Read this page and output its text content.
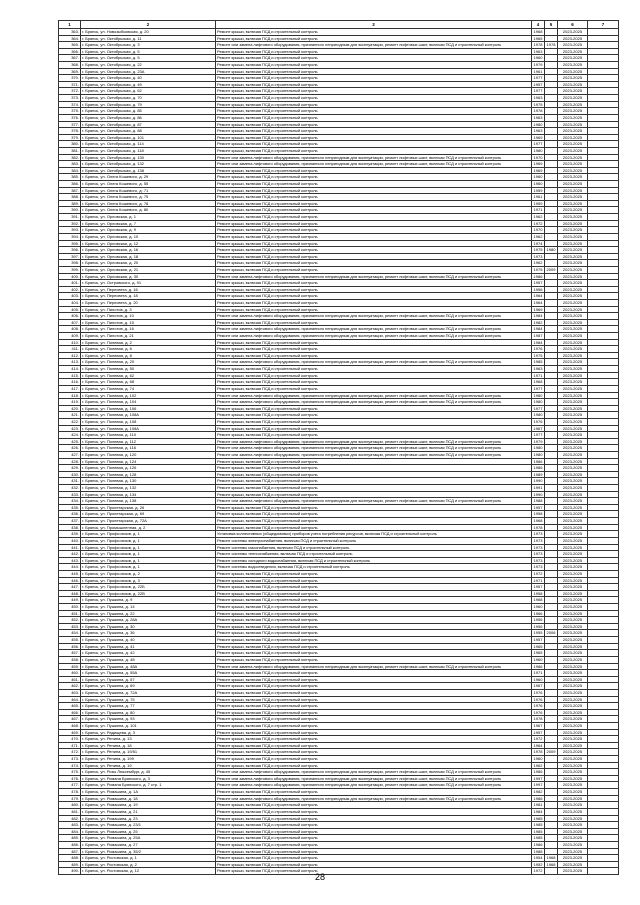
1	2	3	4	5	6	7
363.	г. Брянск, ул. Новозыбковская, д. 20	Ремонт крыши, включая ПСД и строительный контроль	1968		2023-2025	
364.	г. Брянск, ул. Октябрьская, д. 11	Ремонт крыши, включая ПСД и строительный контроль	1965		2023-2025	
365.	г. Брянск, ул. Октябрьская, д. 3	Ремонт или замена лифтового оборудования, признанного непригодным для эксплуатации, ремонт лифтовых шахт, включая ПСД и строительный контроль	1978	1978	2023-2025	
366.	г. Брянск, ул. Октябрьская, д. 5	Ремонт крыши, включая ПСД и строительный контроль	1963		2023-2025	
367.	г. Брянск, ул. Октябрьская, д. 5	Ремонт крыши, включая ПСД и строительный контроль	1960		2023-2025	
368.	г. Брянск, ул. Октябрьская, д. 22	Ремонт крыши, включая ПСД и строительный контроль	1979		2023-2025	
369.	г. Брянск, ул. Октябрьская, д. 23А	Ремонт крыши, включая ПСД и строительный контроль	1961		2023-2025	
370.	г. Брянск, ул. Октябрьская, д. 40	Ремонт крыши, включая ПСД и строительный контроль	1977		2023-2025	
371.	г. Брянск, ул. Октябрьская, д. 49	Ремонт крыши, включая ПСД и строительный контроль	1957		2023-2025	
372.	г. Брянск, ул. Октябрьская, д. 62	Ремонт крыши, включая ПСД и строительный контроль	1977		2023-2025	
373.	г. Брянск, ул. Октябрьская, д. 70	Ремонт крыши, включая ПСД и строительный контроль	1963		2023-2025	
374.	г. Брянск, ул. Октябрьская, д. 79	Ремонт крыши, включая ПСД и строительный контроль	1975		2023-2025	
375.	г. Брянск, ул. Октябрьская, д. 85	Ремонт крыши, включая ПСД и строительный контроль	1978		2023-2025	
376.	г. Брянск, ул. Октябрьская, д. 86	Ремонт крыши, включая ПСД и строительный контроль	1963		2023-2025	
377.	г. Брянск, ул. Октябрьская, д. 87	Ремонт крыши, включая ПСД и строительный контроль	1980		2023-2025	
378.	г. Брянск, ул. Октябрьская, д. 88	Ремонт крыши, включая ПСД и строительный контроль	1963		2023-2025	
379.	г. Брянск, ул. Октябрьская, д. 101	Ремонт крыши, включая ПСД и строительный контроль	1969		2023-2025	
380.	г. Брянск, ул. Октябрьская, д. 114	Ремонт крыши, включая ПСД и строительный контроль	1977		2023-2025	
381.	г. Брянск, ул. Октябрьская, д. 118	Ремонт крыши, включая ПСД и строительный контроль	1980		2023-2025	
382.	г. Брянск, ул. Октябрьская, д. 130	Ремонт или замена лифтового оборудования, признанного непригодным для эксплуатации, ремонт лифтовых шахт, включая ПСД и строительный контроль	1970		2023-2025	
383.	г. Брянск, ул. Октябрьская, д. 132	Ремонт или замена лифтового оборудования, признанного непригодным для эксплуатации, ремонт лифтовых шахт, включая ПСД и строительный контроль	1969		2023-2025	
384.	г. Брянск, ул. Октябрьская, д. 138	Ремонт крыши, включая ПСД и строительный контроль	1969		2023-2025	
385.	г. Брянск, ул. Олега Кошевого, д. 29	Ремонт крыши, включая ПСД и строительный контроль	1960		2023-2025	
386.	г. Брянск, ул. Олега Кошевого, д. 55	Ремонт крыши, включая ПСД и строительный контроль	1960		2023-2025	
387.	г. Брянск, ул. Олега Кошевого, д. 71	Ремонт крыши, включая ПСД и строительный контроль	1959		2023-2025	
388.	г. Брянск, ул. Олега Кошевого, д. 75	Ремонт крыши, включая ПСД и строительный контроль	1961		2023-2025	
389.	г. Брянск, ул. Олега Кошевого, д. 78	Ремонт крыши, включая ПСД и строительный контроль	1959		2023-2025	
390.	г. Брянск, ул. Олега Кошевого, д. 80	Ремонт крыши, включая ПСД и строительный контроль	1971		2023-2025	
391.	г. Брянск, ул. Орловская, д. 1	Ремонт крыши, включая ПСД и строительный контроль	1962		2023-2025	
392.	г. Брянск, ул. Орловская, д. 7	Ремонт крыши, включая ПСД и строительный контроль	1972		2023-2025	
393.	г. Брянск, ул. Орловская, д. 9	Ремонт крыши, включая ПСД и строительный контроль	1970		2023-2025	
394.	г. Брянск, ул. Орловская, д. 10	Ремонт крыши, включая ПСД и строительный контроль	1962		2023-2025	
395.	г. Брянск, ул. Орловская, д. 12	Ремонт крыши, включая ПСД и строительный контроль	1974		2023-2025	
396.	г. Брянск, ул. Орловская, д. 16	Ремонт крыши, включая ПСД и строительный контроль	1975	1980	2023-2025	
397.	г. Брянск, ул. Орловская, д. 18	Ремонт крыши, включая ПСД и строительный контроль	1973		2023-2025	
398.	г. Брянск, ул. Орловская, д. 20	Ремонт крыши, включая ПСД и строительный контроль	1962		2023-2025	
399.	г. Брянск, ул. Орловская, д. 21	Ремонт крыши, включая ПСД и строительный контроль	1975	2009	2023-2025	
400.	г. Брянск, ул. Орловская, д. 30	Ремонт или замена лифтового оборудования, признанного непригодным для эксплуатации, ремонт лифтовых шахт, включая ПСД и строительный контроль	1986		2023-2025	
401.	г. Брянск, ул. Островского, д. 91	Ремонт крыши, включая ПСД и строительный контроль	1957		2023-2025	
402.	г. Брянск, ул. Пересвета, д. 16	Ремонт крыши, включая ПСД и строительный контроль	1956		2023-2025	
403.	г. Брянск, ул. Пересвета, д. 18	Ремонт крыши, включая ПСД и строительный контроль	1964		2023-2025	
404.	г. Брянск, ул. Пересвета, д. 20	Ремонт крыши, включая ПСД и строительный контроль	1964		2023-2025	
405.	г. Брянск, ул. Пилотов, д. 3	Ремонт крыши, включая ПСД и строительный контроль	1969		2023-2025	
406.	г. Брянск, ул. Пилотов, д. 10	Ремонт или замена лифтового оборудования, признанного непригодным для эксплуатации, ремонт лифтовых шахт, включая ПСД и строительный контроль	1984		2023-2025	
407.	г. Брянск, ул. Пилотов, д. 15	Ремонт крыши, включая ПСД и строительный контроль	1982		2023-2025	
408.	г. Брянск, ул. Пилотов, д. 16	Ремонт или замена лифтового оборудования, признанного непригодным для эксплуатации, ремонт лифтовых шахт, включая ПСД и строительный контроль	1984		2023-2025	
409.	г. Брянск, ул. Пилотов, д. 21	Ремонт или замена лифтового оборудования, признанного непригодным для эксплуатации, ремонт лифтовых шахт, включая ПСД и строительный контроль	1987		2023-2025	
410.	г. Брянск, ул. Полевая, д. 2	Ремонт крыши, включая ПСД и строительный контроль	1984		2023-2025	
411.	г. Брянск, ул. Полевая, д. 6	Ремонт крыши, включая ПСД и строительный контроль	1976		2023-2025	
412.	г. Брянск, ул. Полевая, д. 8	Ремонт крыши, включая ПСД и строительный контроль	1975		2023-2025	
413.	г. Брянск, ул. Полевая, д. 20	Ремонт или замена лифтового оборудования, признанного непригодным для эксплуатации, ремонт лифтовых шахт, включая ПСД и строительный контроль	1985		2023-2025	
414.	г. Брянск, ул. Полевая, д. 50	Ремонт крыши, включая ПСД и строительный контроль	1963		2023-2025	
415.	г. Брянск, ул. Полевая, д. 62	Ремонт крыши, включая ПСД и строительный контроль	1971		2023-2025	
416.	г. Брянск, ул. Полевая, д. 68	Ремонт крыши, включая ПСД и строительный контроль	1968		2023-2025	
417.	г. Брянск, ул. Полевая, д. 74	Ремонт крыши, включая ПСД и строительный контроль	1977		2023-2025	
418.	г. Брянск, ул. Полевая, д. 102	Ремонт или замена лифтового оборудования, признанного непригодным для эксплуатации, ремонт лифтовых шахт, включая ПСД и строительный контроль	1980		2023-2025	
419.	г. Брянск, ул. Полевая, д. 104	Ремонт или замена лифтового оборудования, признанного непригодным для эксплуатации, ремонт лифтовых шахт, включая ПСД и строительный контроль	1980		2023-2025	
420.	г. Брянск, ул. Полевая, д. 106	Ремонт крыши, включая ПСД и строительный контроль	1977		2023-2025	
421.	г. Брянск, ул. Полевая, д. 108А	Ремонт крыши, включая ПСД и строительный контроль	1980		2023-2025	
422.	г. Брянск, ул. Полевая, д. 108	Ремонт крыши, включая ПСД и строительный контроль	1976		2023-2025	
423.	г. Брянск, ул. Полевая, д. 108А	Ремонт крыши, включая ПСД и строительный контроль	1967		2023-2025	
424.	г. Брянск, ул. Полевая, д. 110	Ремонт крыши, включая ПСД и строительный контроль	1977		2023-2025	
425.	г. Брянск, ул. Полевая, д. 112	Ремонт или замена лифтового оборудования, признанного непригодным для эксплуатации, ремонт лифтовых шахт, включая ПСД и строительный контроль	1979		2023-2025	
426.	г. Брянск, ул. Полевая, д. 116	Ремонт или замена лифтового оборудования, признанного непригодным для эксплуатации, ремонт лифтовых шахт, включая ПСД и строительный контроль	1980		2023-2025	
427.	г. Брянск, ул. Полевая, д. 120	Ремонт или замена лифтового оборудования, признанного непригодным для эксплуатации, ремонт лифтовых шахт, включая ПСД и строительный контроль	1980		2023-2025	
428.	г. Брянск, ул. Полевая, д. 124	Ремонт крыши, включая ПСД и строительный контроль	1986		2023-2025	
429.	г. Брянск, ул. Полевая, д. 126	Ремонт крыши, включая ПСД и строительный контроль	1986		2023-2025	
430.	г. Брянск, ул. Полевая, д. 128	Ремонт крыши, включая ПСД и строительный контроль	1989		2023-2025	
431.	г. Брянск, ул. Полевая, д. 130	Ремонт крыши, включая ПСД и строительный контроль	1990		2023-2025	
432.	г. Брянск, ул. Полевая, д. 132	Ремонт крыши, включая ПСД и строительный контроль	1991		2023-2025	
433.	г. Брянск, ул. Полевая, д. 134	Ремонт крыши, включая ПСД и строительный контроль	1990		2023-2025	
434.	г. Брянск, ул. Полевая, д. 138	Ремонт или замена лифтового оборудования, признанного непригодным для эксплуатации, ремонт лифтовых шахт, включая ПСД и строительный контроль	1988		2023-2025	
435.	г. Брянск, ул. Пролетарская, д. 26	Ремонт крыши, включая ПСД и строительный контроль	1957		2023-2025	
436.	г. Брянск, ул. Пролетарская, д. 69	Ремонт крыши, включая ПСД и строительный контроль	1958		2023-2025	
437.	г. Брянск, ул. Пролетарская, д. 72А	Ремонт крыши, включая ПСД и строительный контроль	1968		2023-2025	
438.	г. Брянск, ул. Промышленная, д. 2	Ремонт крыши, включая ПСД и строительный контроль	1978		2023-2025	
439.	г. Брянск, ул. Профсоюзов, д. 1	Установка коллективных (общедомовых) приборов учета потребления ресурсов, включая ПСД и строительный контроль	1973		2023-2025	
440.	г. Брянск, ул. Профсоюзов, д. 1	Ремонт системы электроснабжения, включая ПСД и строительный контроль	1973		2023-2025	
441.	г. Брянск, ул. Профсоюзов, д. 1	Ремонт системы газоснабжения, включая ПСД и строительный контроль	1973		2023-2025	
442.	г. Брянск, ул. Профсоюзов, д. 1	Ремонт системы теплоснабжения, включая ПСД и строительный контроль	1973		2023-2025	
443.	г. Брянск, ул. Профсоюзов, д. 1	Ремонт системы холодного водоснабжения, включая ПСД и строительный контроль	1973		2023-2025	
444.	г. Брянск, ул. Профсоюзов, д. 1	Ремонт системы водоотведения, включая ПСД и строительный контроль	1973		2023-2025	
445.	г. Брянск, ул. Профсоюзов, д. 2	Ремонт крыши, включая ПСД и строительный контроль	1972		2023-2025	
446.	г. Брянск, ул. Профсоюзов, д. 3	Ремонт крыши, включая ПСД и строительный контроль	1971		2023-2025	
447.	г. Брянск, ул. Профсоюзов, д. 22Б	Ремонт крыши, включая ПСД и строительный контроль	1957		2023-2025	
448.	г. Брянск, ул. Профсоюзов, д. 22В	Ремонт крыши, включая ПСД и строительный контроль	1958		2023-2025	
449.	г. Брянск, ул. Пушкина, д. 9	Ремонт крыши, включая ПСД и строительный контроль	1968		2023-2025	
450.	г. Брянск, ул. Пушкина, д. 14	Ремонт крыши, включая ПСД и строительный контроль	1960		2023-2025	
451.	г. Брянск, ул. Пушкина, д. 22	Ремонт крыши, включая ПСД и строительный контроль	1966		2023-2025	
452.	г. Брянск, ул. Пушкина, д. 28А	Ремонт крыши, включая ПСД и строительный контроль	1956		2023-2025	
453.	г. Брянск, ул. Пушкина, д. 30	Ремонт крыши, включая ПСД и строительный контроль	1956		2023-2025	
454.	г. Брянск, ул. Пушкина, д. 36	Ремонт крыши, включая ПСД и строительный контроль	1955	2006	2023-2025	
455.	г. Брянск, ул. Пушкина, д. 40	Ремонт крыши, включая ПСД и строительный контроль	1957		2023-2025	
456.	г. Брянск, ул. Пушкина, д. 41	Ремонт крыши, включая ПСД и строительный контроль	1965		2023-2025	
457.	г. Брянск, ул. Пушкина, д. 42	Ремонт крыши, включая ПСД и строительный контроль	1965		2023-2025	
458.	г. Брянск, ул. Пушкина, д. 48	Ремонт крыши, включая ПСД и строительный контроль	1960		2023-2025	
459.	г. Брянск, ул. Пушкина, д. 48А	Ремонт или замена лифтового оборудования, признанного непригодным для эксплуатации, ремонт лифтовых шахт, включая ПСД и строительный контроль	1986		2023-2025	
460.	г. Брянск, ул. Пушкина, д. 55А	Ремонт крыши, включая ПСД и строительный контроль	1971		2023-2025	
461.	г. Брянск, ул. Пушкина, д. 57	Ремонт крыши, включая ПСД и строительный контроль	1960		2023-2025	
462.	г. Брянск, ул. Пушкина, д. 69	Ремонт крыши, включая ПСД и строительный контроль	1967		2023-2025	
463.	г. Брянск, ул. Пушкина, д. 72А	Ремонт крыши, включая ПСД и строительный контроль	1976		2023-2025	
464.	г. Брянск, ул. Пушкина, д. 75	Ремонт крыши, включая ПСД и строительный контроль	1976		2023-2025	
465.	г. Брянск, ул. Пушкина, д. 77	Ремонт крыши, включая ПСД и строительный контроль	1976		2023-2025	
466.	г. Брянск, ул. Пушкина, д. 80	Ремонт крыши, включая ПСД и строительный контроль	1976		2023-2025	
467.	г. Брянск, ул. Пушкина, д. 93	Ремонт крыши, включая ПСД и строительный контроль	1978		2023-2025	
468.	г. Брянск, ул. Пушкина, д. 101	Ремонт крыши, включая ПСД и строительный контроль	1967		2023-2025	
469.	г. Брянск, ул. Радищева, д. 3	Ремонт крыши, включая ПСД и строительный контроль	1957		2023-2025	
470.	г. Брянск, ул. Репина, д. 13	Ремонт крыши, включая ПСД и строительный контроль	1972		2023-2025	
471.	г. Брянск, ул. Репина, д. 18	Ремонт крыши, включая ПСД и строительный контроль	1964		2023-2025	
472.	г. Брянск, ул. Репина, д. 19/51	Ремонт крыши, включая ПСД и строительный контроль	1978	2009	2023-2025	
473.	г. Брянск, ул. Репина, д. 199	Ремонт крыши, включая ПСД и строительный контроль	1960		2023-2025	
474.	г. Брянск, ул. Репина, д. 19	Ремонт крыши, включая ПСД и строительный контроль	1962		2023-2025	
475.	г. Брянск, ул. Розы Люксембург, д. 45	Ремонт или замена лифтового оборудования, признанного непригодным для эксплуатации, ремонт лифтовых шахт, включая ПСД и строительный контроль	1986		2023-2025	
476.	г. Брянск, ул. Романа Брянского, д. 3	Ремонт или замена лифтового оборудования, признанного непригодным для эксплуатации, ремонт лифтовых шахт, включая ПСД и строительный контроль	1997		2023-2025	
477.	г. Брянск, ул. Романа Брянского, д. 7 стр. 1	Ремонт или замена лифтового оборудования, признанного непригодным для эксплуатации, ремонт лифтовых шахт, включая ПСД и строительный контроль	1997		2023-2025	
478.	г. Брянск, ул. Ромашина, д. 1А	Ремонт крыши, включая ПСД и строительный контроль	1982		2023-2025	
479.	г. Брянск, ул. Ромашина, д. 18	Ремонт или замена лифтового оборудования, признанного непригодным для эксплуатации, ремонт лифтовых шахт, включая ПСД и строительный контроль	1986		2023-2025	
480.	г. Брянск, ул. Ромашина, д. 19	Ремонт крыши, включая ПСД и строительный контроль	1981		2023-2025	
481.	г. Брянск, ул. Ромашина, д. 21	Ремонт крыши, включая ПСД и строительный контроль	1984		2023-2025	
482.	г. Брянск, ул. Ромашина, д. 23	Ремонт крыши, включая ПСД и строительный контроль	1985		2023-2025	
483.	г. Брянск, ул. Ромашина, д. 23/1	Ремонт крыши, включая ПСД и строительный контроль	1985		2023-2025	
484.	г. Брянск, ул. Ромашина, д. 25	Ремонт крыши, включая ПСД и строительный контроль	1985		2023-2025	
485.	г. Брянск, ул. Ромашина, д. 25А	Ремонт крыши, включая ПСД и строительный контроль	1985		2023-2025	
486.	г. Брянск, ул. Ромашина, д. 27	Ремонт крыши, включая ПСД и строительный контроль	1986		2023-2025	
487.	г. Брянск, ул. Ромашина, д. 35/2	Ремонт крыши, включая ПСД и строительный контроль	1988		2023-2025	
488.	г. Брянск, ул. Ростовская, д. 1	Ремонт крыши, включая ПСД и строительный контроль	1954	1968	2023-2025	
489.	г. Брянск, ул. Ростовская, д. 2	Ремонт крыши, включая ПСД и строительный контроль	1952	1968	2023-2025	
490.	г. Брянск, ул. Ростовская, д. 12	Ремонт крыши, включая ПСД и строительный контроль	1972		2023-2025	
28
